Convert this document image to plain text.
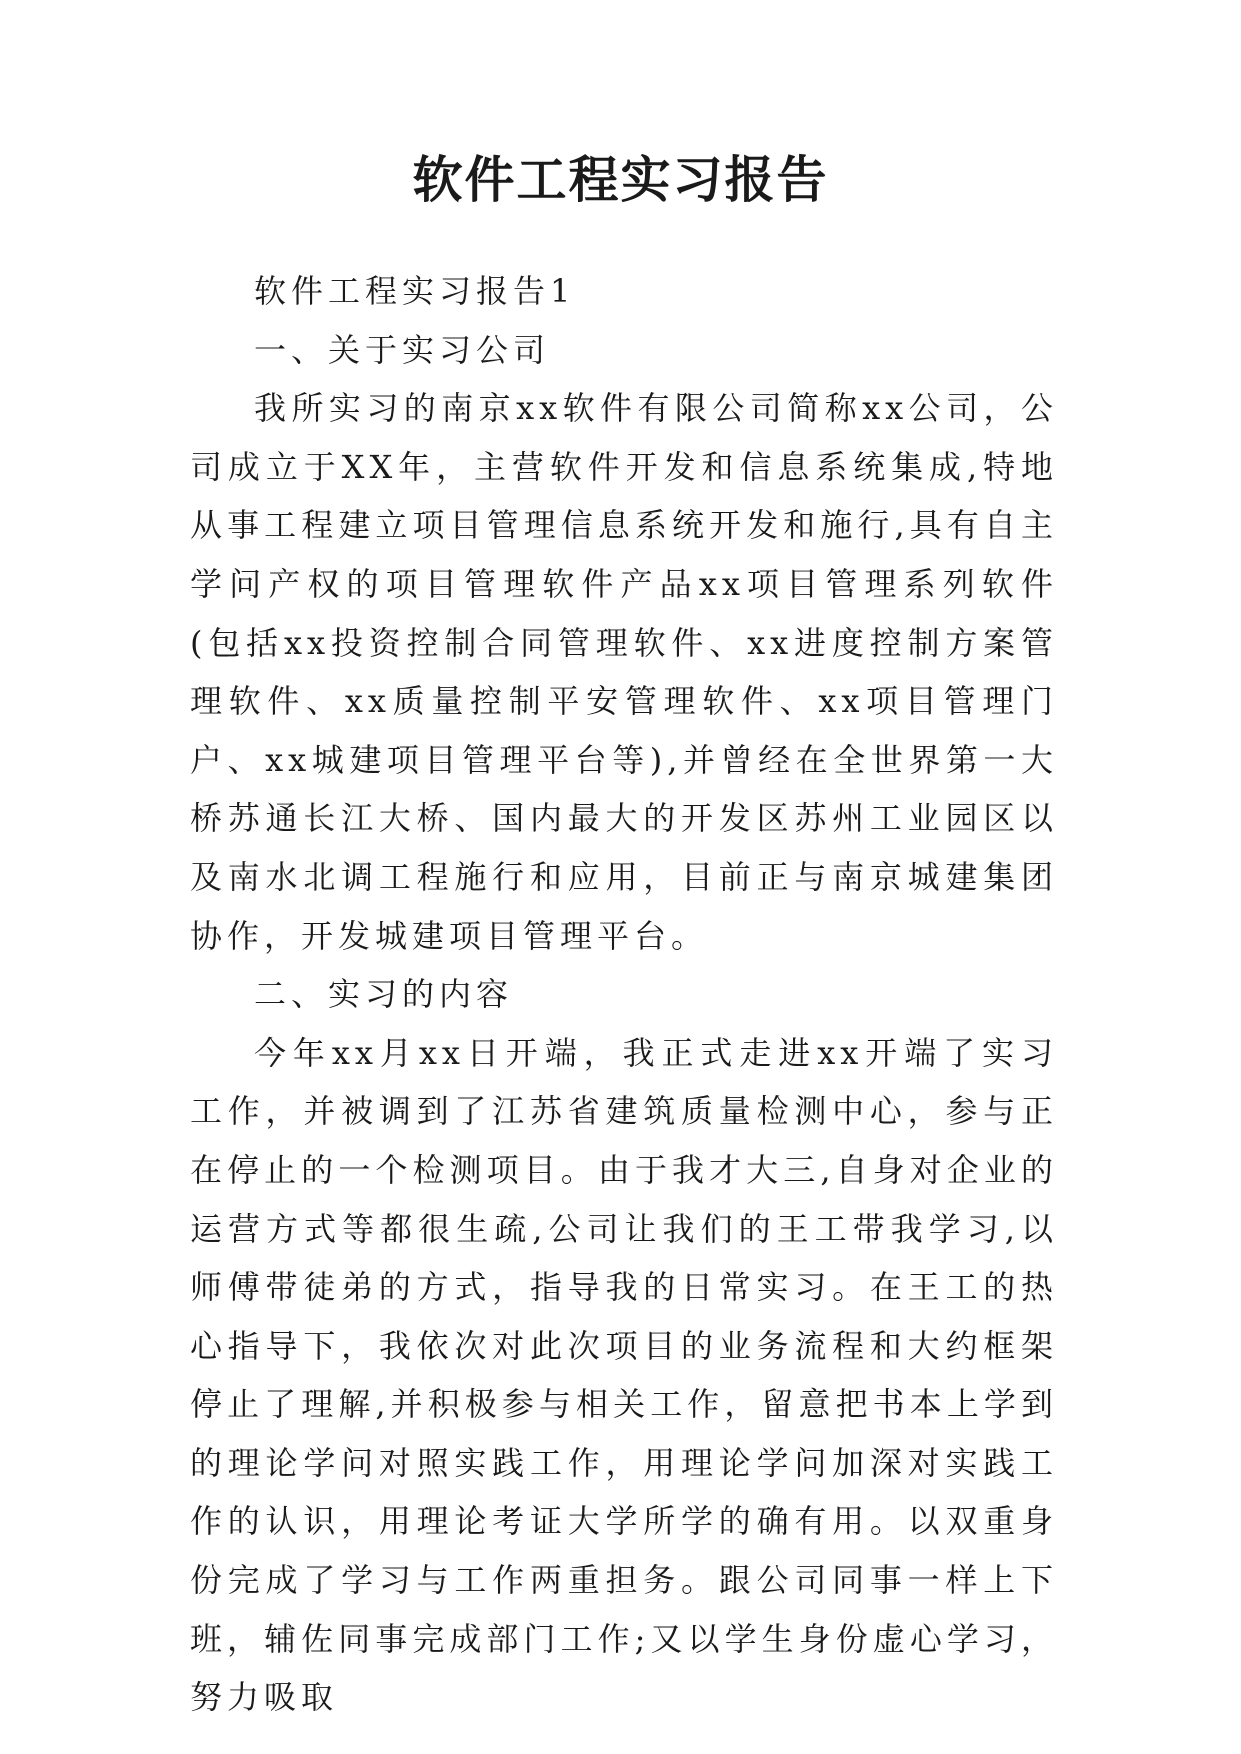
软件工程实习报告

软件工程实习报告1

一、关于实习公司

我所实习的南京xx软件有限公司简称xx公司，公司成立于XX年，主营软件开发和信息系统集成,特地从事工程建立项目管理信息系统开发和施行,具有自主学问产权的项目管理软件产品xx项目管理系列软件(包括xx投资控制合同管理软件、xx进度控制方案管理软件、xx质量控制平安管理软件、xx项目管理门户、xx城建项目管理平台等),并曾经在全世界第一大桥苏通长江大桥、国内最大的开发区苏州工业园区以及南水北调工程施行和应用，目前正与南京城建集团协作，开发城建项目管理平台。

二、实习的内容

今年xx月xx日开端，我正式走进xx开端了实习工作，并被调到了江苏省建筑质量检测中心，参与正在停止的一个检测项目。由于我才大三,自身对企业的运营方式等都很生疏,公司让我们的王工带我学习,以师傅带徒弟的方式，指导我的日常实习。在王工的热心指导下，我依次对此次项目的业务流程和大约框架停止了理解,并积极参与相关工作，留意把书本上学到的理论学问对照实践工作，用理论学问加深对实践工作的认识，用理论考证大学所学的确有用。以双重身份完成了学习与工作两重担务。跟公司同事一样上下班，辅佐同事完成部门工作;又以学生身份虚心学习，努力吸取
